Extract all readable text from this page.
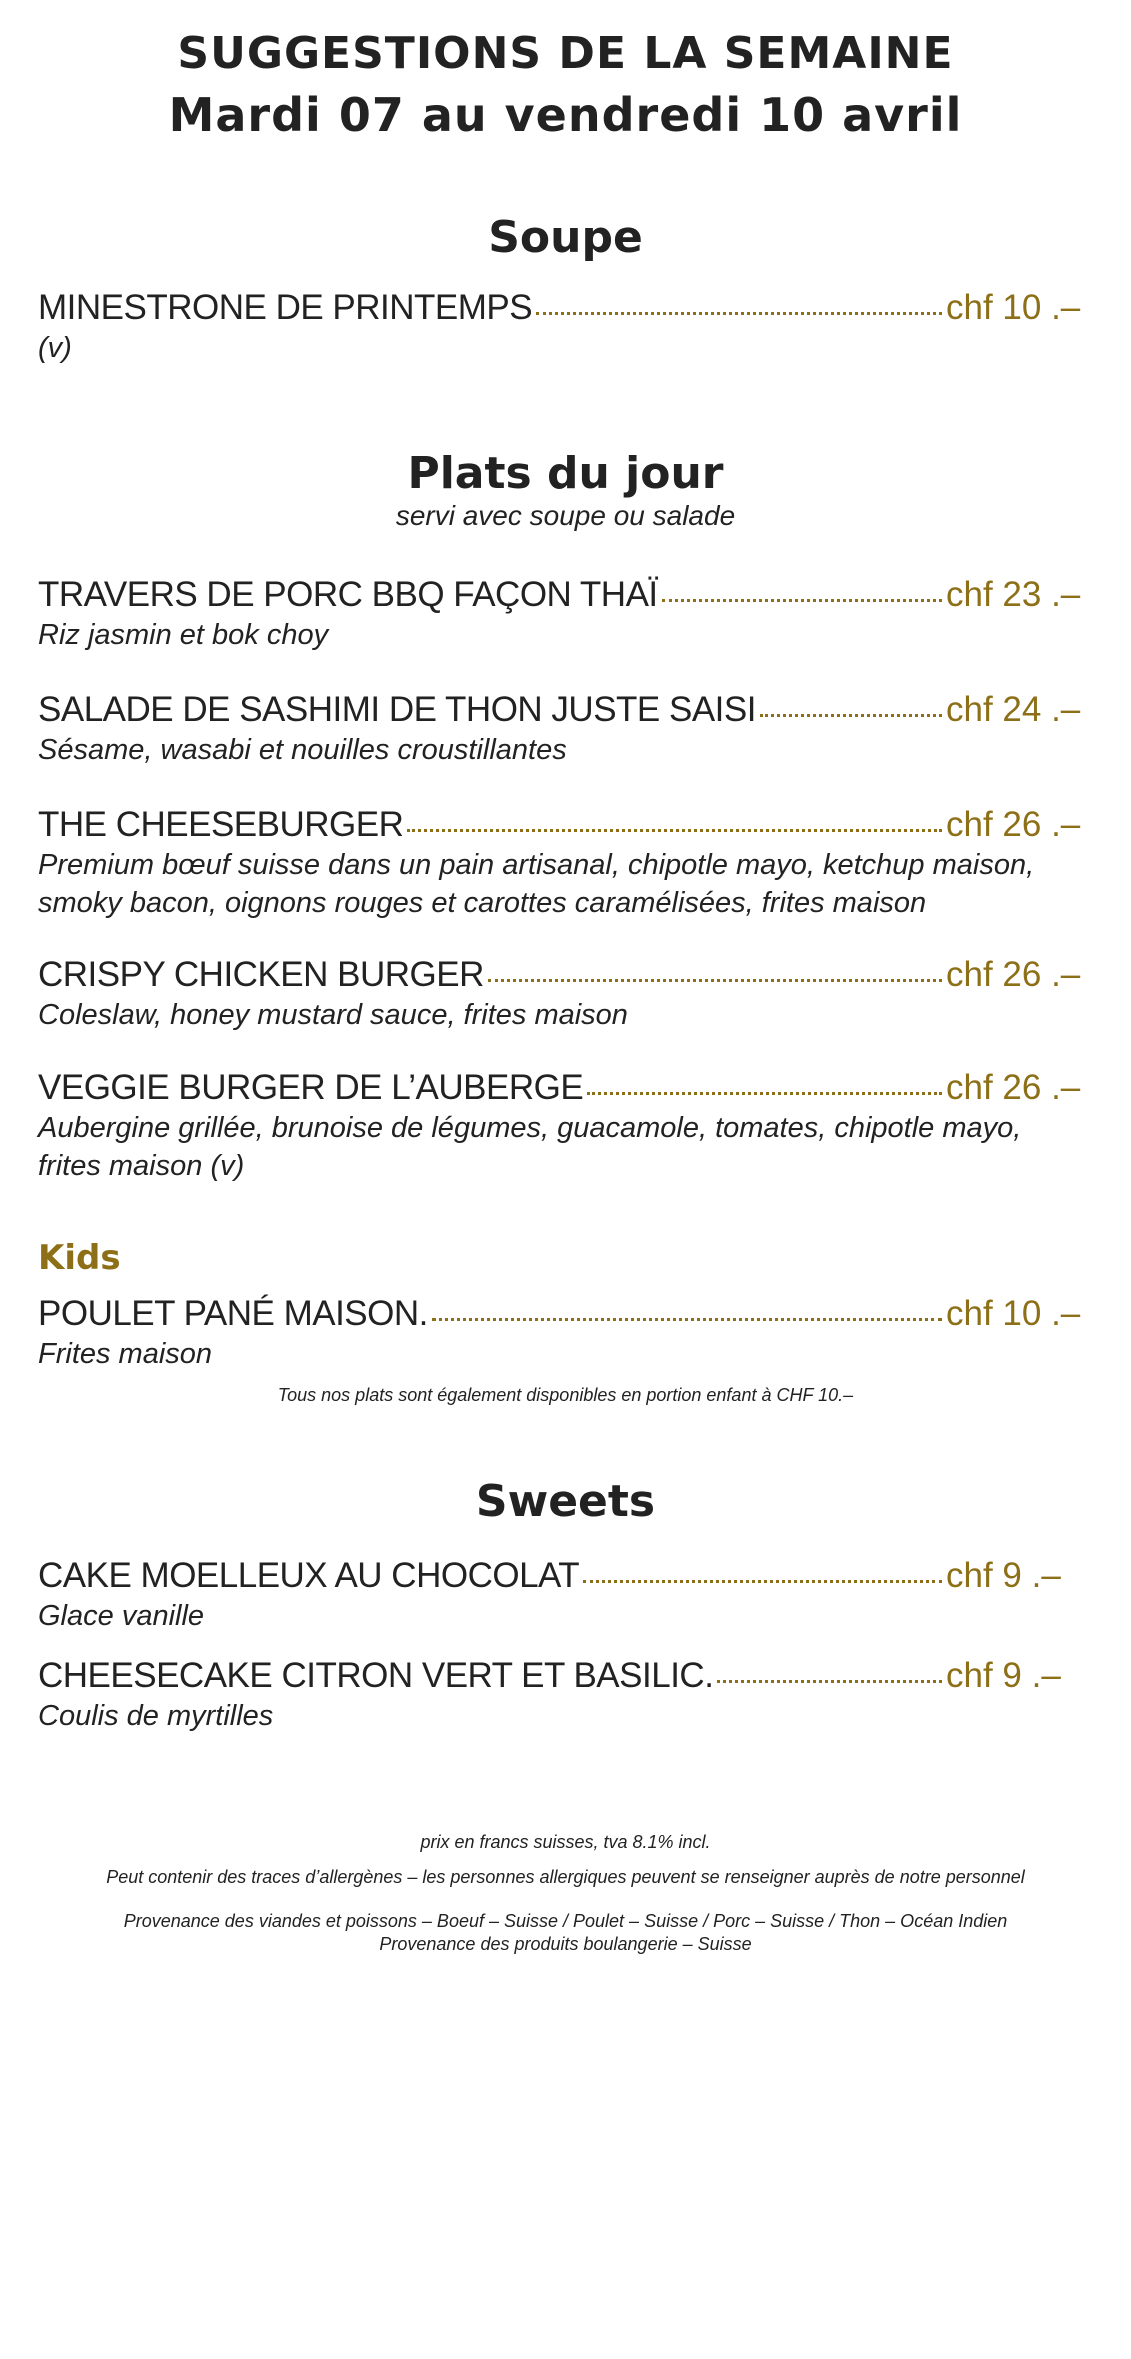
SUGGESTIONS DE LA SEMAINE
Mardi 07 au vendredi 10 avril
Soupe
MINESTRONE DE PRINTEMPS	chf 10 .–
(v)
Plats du jour
servi avec soupe ou salade
TRAVERS DE PORC BBQ FAÇON THAÏ	chf 23 .–
Riz jasmin et bok choy
SALADE DE SASHIMI DE THON JUSTE SAISI	chf 24 .–
Sésame, wasabi et nouilles croustillantes
THE CHEESEBURGER	chf 26 .–
Premium bœuf suisse dans un pain artisanal, chipotle mayo, ketchup maison,
smoky bacon, oignons rouges et carottes caramélisées, frites maison
CRISPY CHICKEN BURGER	chf 26 .–
Coleslaw, honey mustard sauce, frites maison
VEGGIE BURGER DE L’AUBERGE	chf 26 .–
Aubergine grillée, brunoise de légumes, guacamole, tomates, chipotle mayo,
frites maison (v)
Kids
POULET PANÉ MAISON.	chf 10 .–
Frites maison
Tous nos plats sont également disponibles en portion enfant à CHF 10.–
Sweets
CAKE MOELLEUX AU CHOCOLAT	chf 9 .–
Glace vanille
CHEESECAKE CITRON VERT ET BASILIC.	chf 9 .–
Coulis de myrtilles
prix en francs suisses, tva 8.1% incl.
Peut contenir des traces d’allergènes – les personnes allergiques peuvent se renseigner auprès de notre personnel
Provenance des viandes et poissons – Boeuf – Suisse / Poulet – Suisse / Porc – Suisse / Thon – Océan Indien
Provenance des produits boulangerie – Suisse
